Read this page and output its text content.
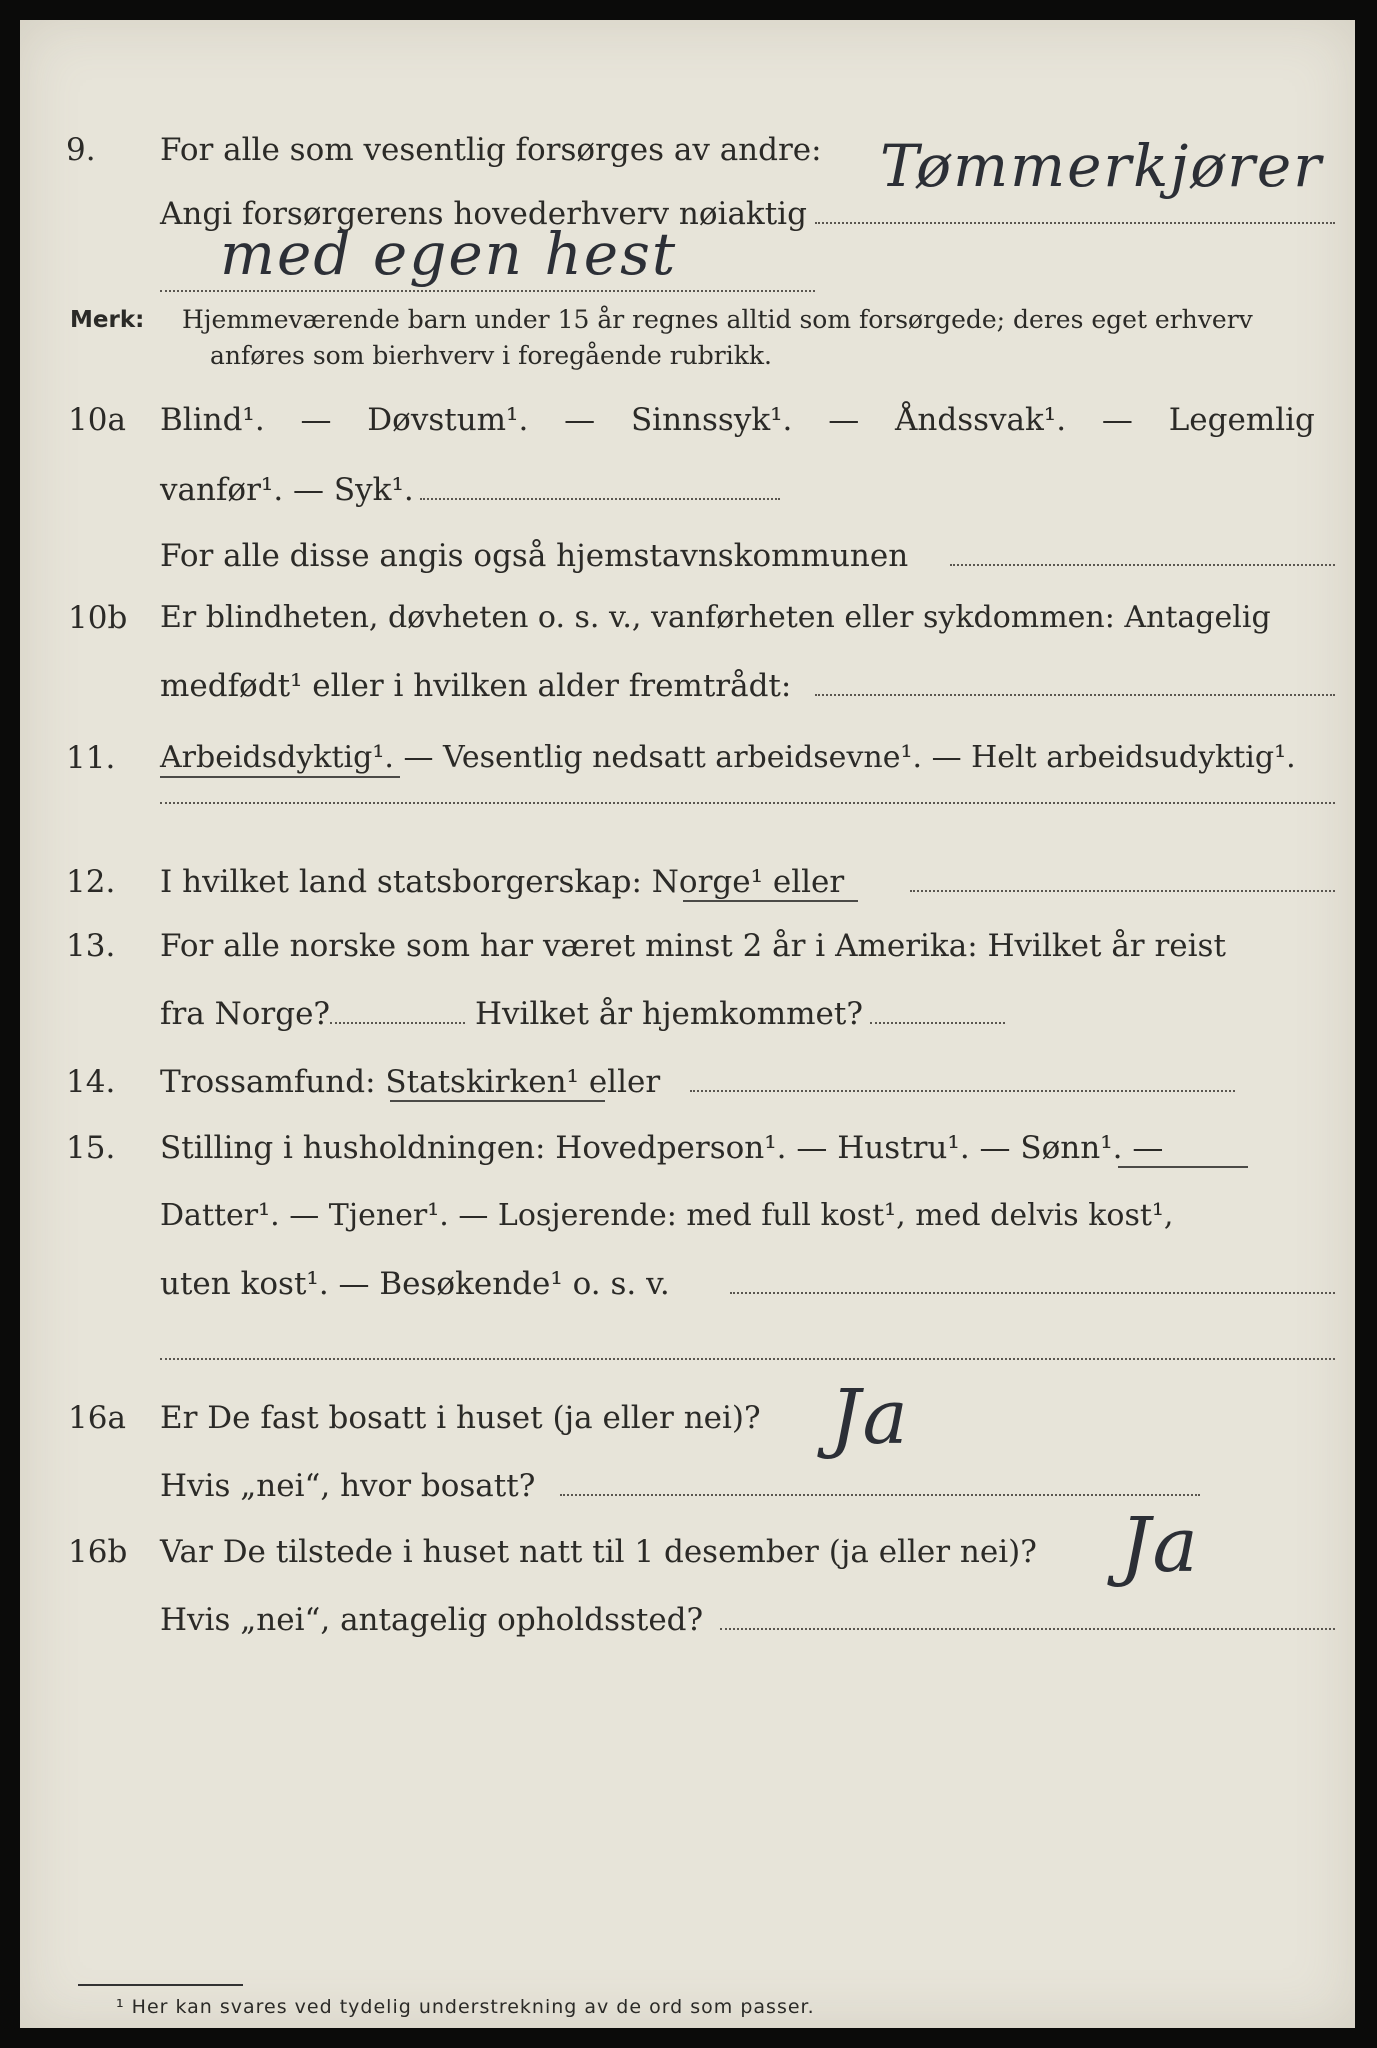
9. For alle som vesentlig forsørges av andre:
Angi forsørgerens hovederhverv nøiaktig
Tømmerkjører
med egen hest
Merk: Hjemmeværende barn under 15 år regnes alltid som forsørgede; deres eget erhverv
anføres som bierhverv i foregående rubrikk.
10a Blind¹. — Døvstum¹. — Sinnssyk¹. — Åndssvak¹. — Legemlig
vanfør¹. — Syk¹.
For alle disse angis også hjemstavnskommunen
10b Er blindheten, døvheten o. s. v., vanførheten eller sykdommen: Antagelig
medfødt¹ eller i hvilken alder fremtrådt:
11. Arbeidsdyktig¹. — Vesentlig nedsatt arbeidsevne¹. — Helt arbeidsudyktig¹.
12. I hvilket land statsborgerskap: Norge¹ eller
13. For alle norske som har været minst 2 år i Amerika: Hvilket år reist
fra Norge?	Hvilket år hjemkommet?
14. Trossamfund: Statskirken¹ eller
15. Stilling i husholdningen: Hovedperson¹. — Hustru¹. — Sønn¹. —
Datter¹. — Tjener¹. — Losjerende: med full kost¹, med delvis kost¹,
uten kost¹. — Besøkende¹ o. s. v.
16a Er De fast bosatt i huset (ja eller nei)?
Hvis „nei“, hvor bosatt?
Ja
16b Var De tilstede i huset natt til 1 desember (ja eller nei)?
Hvis „nei“, antagelig opholdssted?
Ja
¹ Her kan svares ved tydelig understrekning av de ord som passer.
